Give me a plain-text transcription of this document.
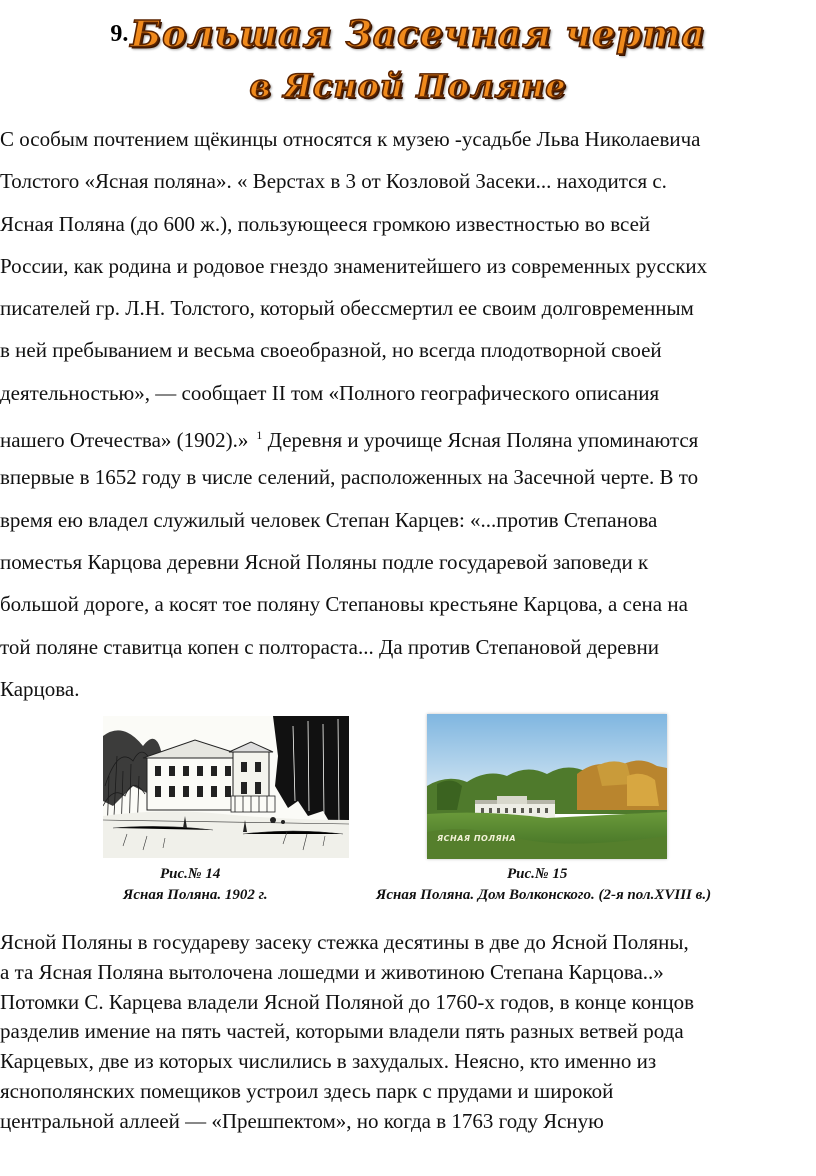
9.Большая Засечная черта
в Ясной Поляне
С особым почтением щёкинцы относятся к музею -усадьбе Льва Николаевича
Толстого «Ясная поляна». « Верстах в 3 от Козловой Засеки... находится с.
Ясная Поляна (до 600 ж.), пользующееся громкою известностью во всей
России, как родина и родовое гнездо знаменитейшего из современных русских
писателей гр. Л.Н. Толстого, который обессмертил ее своим долговременным
в ней пребыванием и весьма своеобразной, но всегда плодотворной своей
деятельностью», — сообщает II том «Полного географического описания
нашего Отечества» (1902).» $^1$ Деревня и урочище Ясная Поляна упоминаются
впервые в 1652 году в числе селений, расположенных на Засечной черте. В то
время ею владел служилый человек Степан Карцев: «...против Степанова
поместья Карцова деревни Ясной Поляны подле государевой заповеди к
большой дороге, а косят тое поляну Степановы крестьяне Карцова, а сена на
той поляне ставитца копен с полтораста... Да против Степановой деревни
Карцова.
ЯСНАЯ ПОЛЯНА
Рис.№ 14
Ясная Поляна. 1902 г.
Рис.№ 15
Ясная Поляна. Дом Волконского. (2-я пол.XVIII в.)
Ясной Поляны в государеву засеку стежка десятины в две до Ясной Поляны,
а та Ясная Поляна вытолочена лошедми и животиною Степана Карцова..»
Потомки С. Карцева владели Ясной Поляной до 1760-х годов, в конце концов
разделив имение на пять частей, которыми владели пять разных ветвей рода
Карцевых, две из которых числились в захудалых. Неясно, кто именно из
яснополянских помещиков устроил здесь парк с прудами и широкой
центральной аллеей — «Прешпектом», но когда в 1763 году Ясную
